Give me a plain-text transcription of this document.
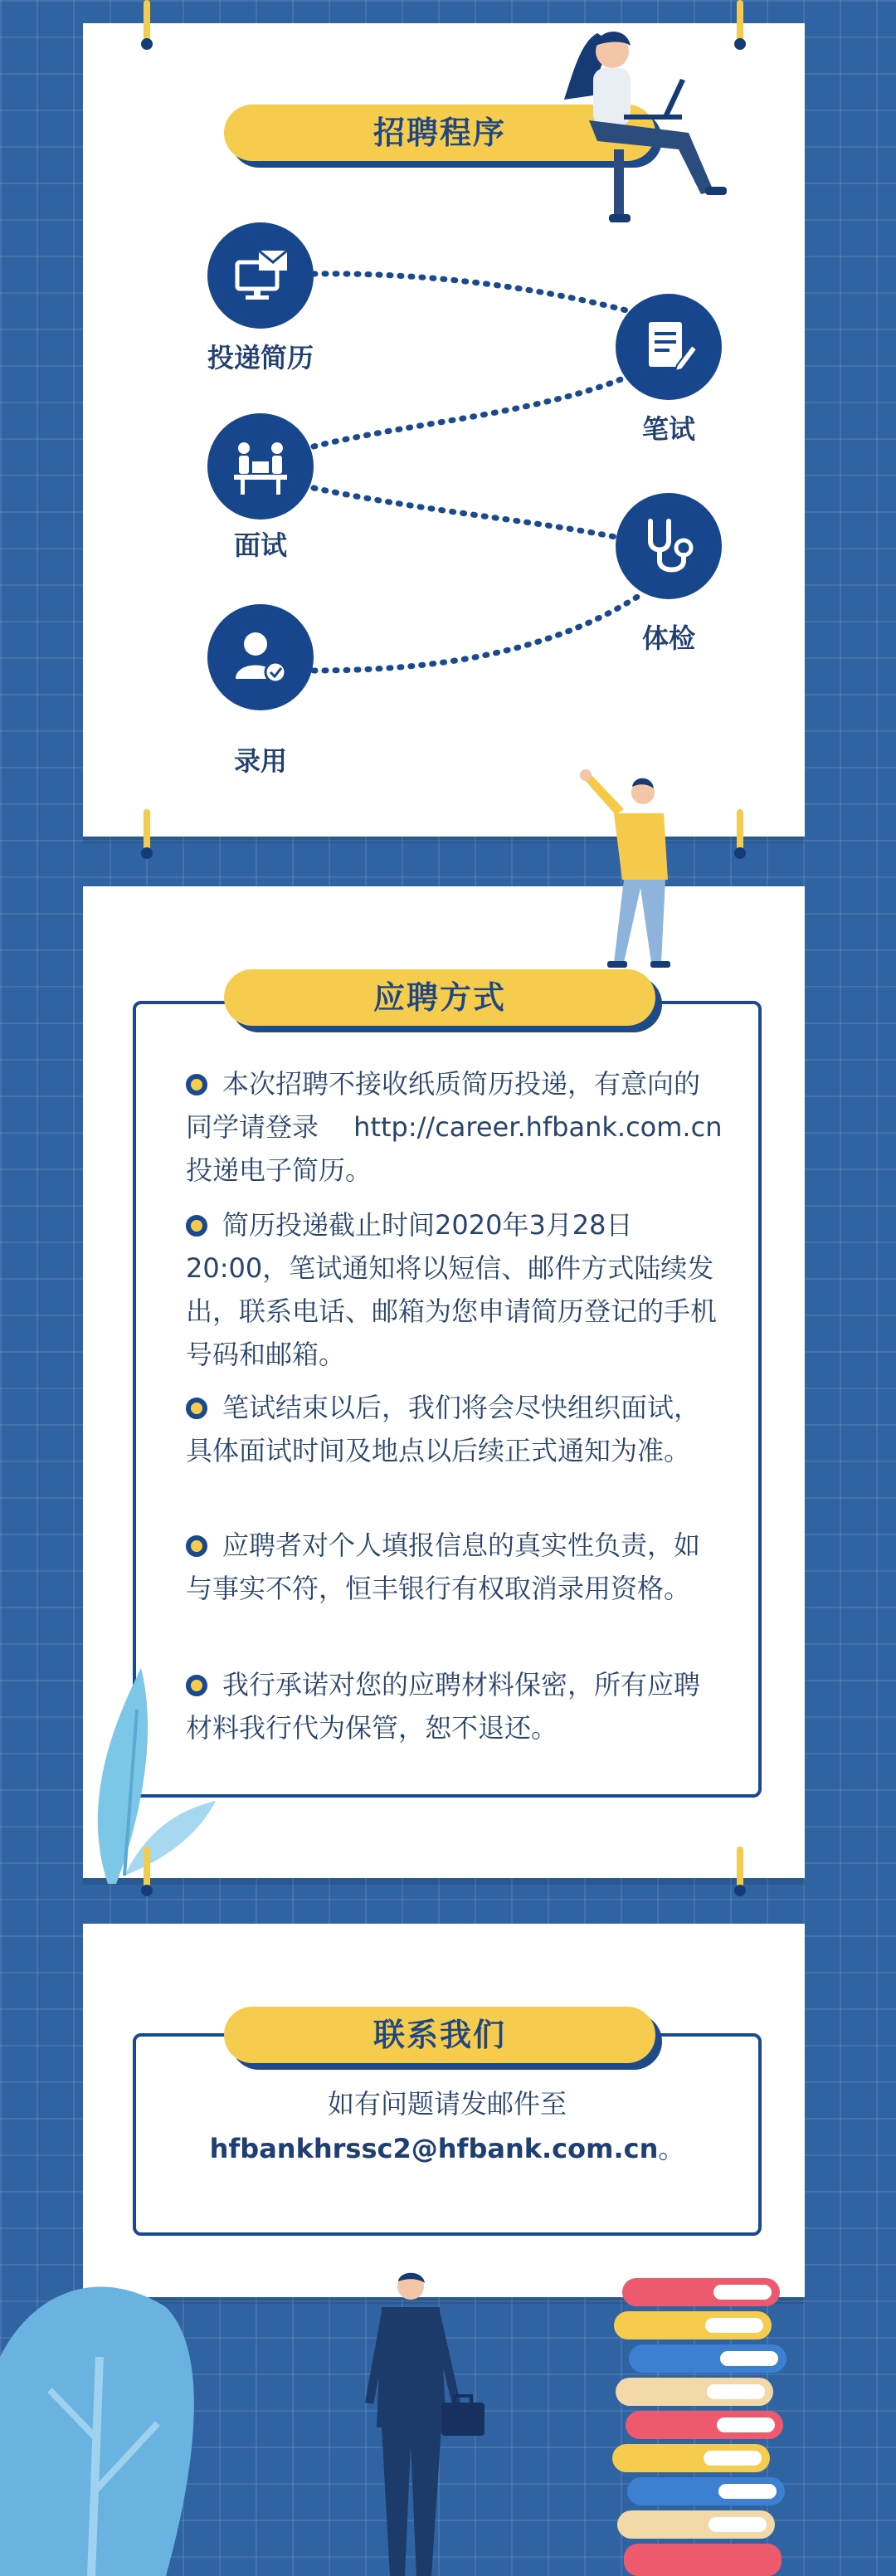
招聘程序
投递简历
笔试
面试
体检
录用
本次招聘不接收纸质简历投递，有意向的同学请登录　 http://career.hfbank.com.cn　投递电子简历。
简历投递截止时间2020年3月28日20:00，笔试通知将以短信、邮件方式陆续发出，联系电话、邮箱为您申请简历登记的手机号码和邮箱。
笔试结束以后，我们将会尽快组织面试，具体面试时间及地点以后续正式通知为准。
应聘者对个人填报信息的真实性负责，如与事实不符，恒丰银行有权取消录用资格。
我行承诺对您的应聘材料保密，所有应聘材料我行代为保管，恕不退还。
应聘方式
如有问题请发邮件至
hfbankhrssc2@hfbank.com.cn。
联系我们
